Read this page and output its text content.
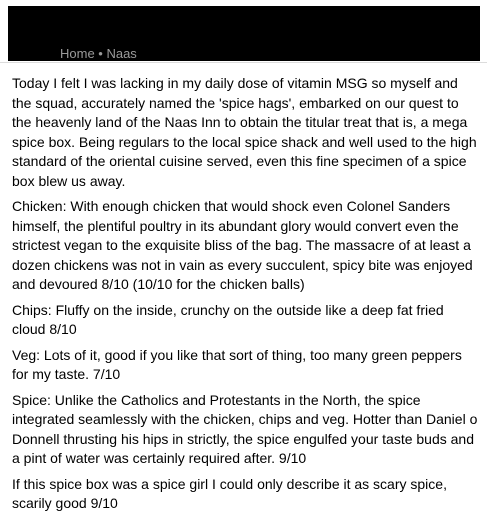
Home • Naas

Today I felt I was lacking in my daily dose of vitamin MSG so myself and the squad, accurately named the 'spice hags', embarked on our quest to the heavenly land of the Naas Inn to obtain the titular treat that is, a mega spice box. Being regulars to the local spice shack and well used to the high standard of the oriental cuisine served, even this fine specimen of a spice box blew us away.

Chicken: With enough chicken that would shock even Colonel Sanders himself, the plentiful poultry in its abundant glory would convert even the strictest vegan to the exquisite bliss of the bag. The massacre of at least a dozen chickens was not in vain as every succulent, spicy bite was enjoyed and devoured 8/10 (10/10 for the chicken balls)

Chips: Fluffy on the inside, crunchy on the outside like a deep fat fried cloud 8/10

Veg: Lots of it, good if you like that sort of thing, too many green peppers for my taste. 7/10

Spice: Unlike the Catholics and Protestants in the North, the spice integrated seamlessly with the chicken, chips and veg. Hotter than Daniel o Donnell thrusting his hips in strictly, the spice engulfed your taste buds and a pint of water was certainly required after. 9/10

If this spice box was a spice girl I could only describe it as scary spice, scarily good 9/10
